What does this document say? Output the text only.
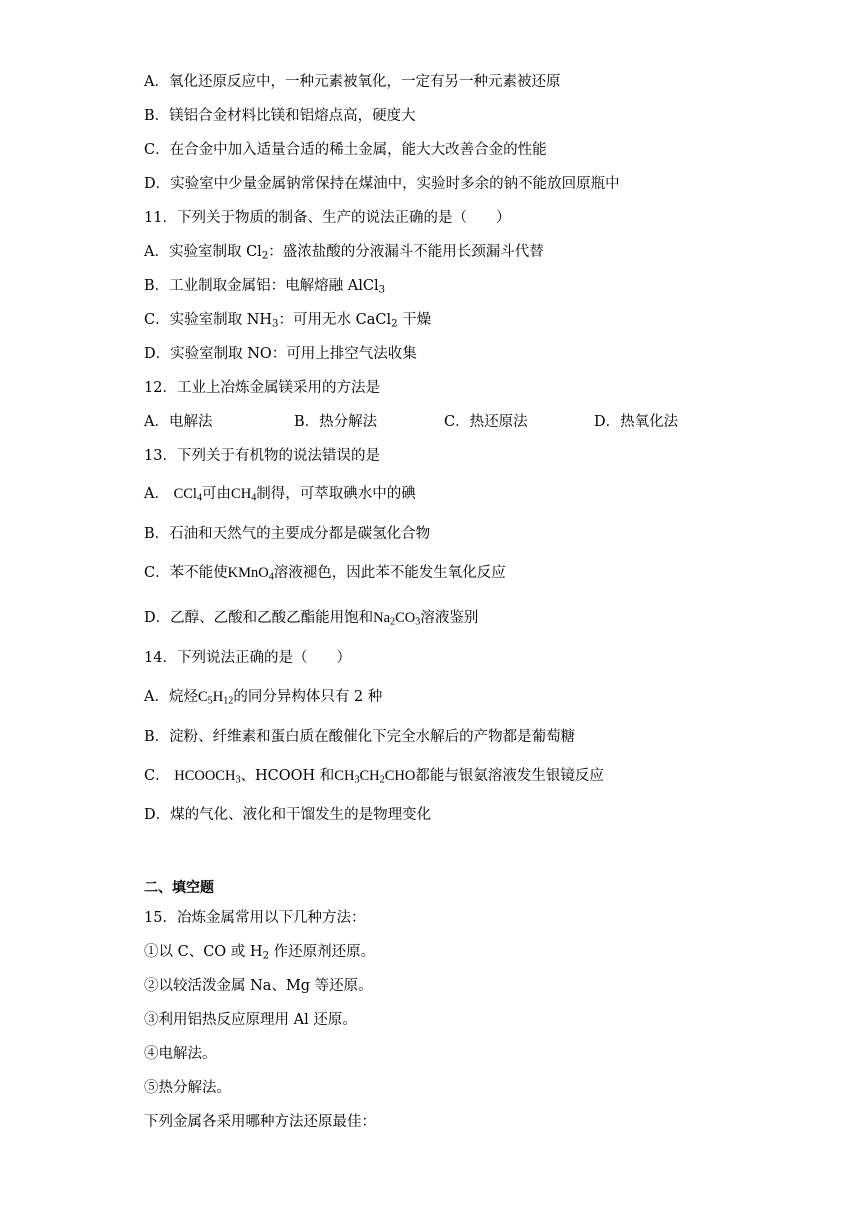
A．氧化还原反应中，一种元素被氧化，一定有另一种元素被还原
B．镁铝合金材料比镁和铝熔点高，硬度大
C．在合金中加入适量合适的稀土金属，能大大改善合金的性能
D．实验室中少量金属钠常保持在煤油中，实验时多余的钠不能放回原瓶中
11．下列关于物质的制备、生产的说法正确的是（　　）
A．实验室制取 $Cl_2$：盛浓盐酸的分液漏斗不能用长颈漏斗代替
B．工业制取金属铝：电解熔融 AlCl$_3$
C．实验室制取 $NH_3$：可用无水 CaCl$_2$ 干燥
D．实验室制取 NO：可用上排空气法收集
12．工业上冶炼金属镁采用的方法是
A．电解法	B．热分解法	C．热还原法	D．热氧化法
13．下列关于有机物的说法错误的是
A． CCl$_4$可由$CH_4$制得，可萃取碘水中的碘
B．石油和天然气的主要成分都是碳氢化合物
C．苯不能使KMnO$_4$溶液褪色，因此苯不能发生氧化反应
D．乙醇、乙酸和乙酸乙酯能用饱和$Na_2CO_3$溶液鉴别
14．下列说法正确的是（　　）
A．烷烃$C_5H_{12}$的同分异构体只有 2 种
B．淀粉、纤维素和蛋白质在酸催化下完全水解后的产物都是葡萄糖
C． $HCOOCH_3$、HCOOH 和$CH_3CH_2CHO$都能与银氨溶液发生银镜反应
D．煤的气化、液化和干馏发生的是物理变化
二、填空题
15．冶炼金属常用以下几种方法：
①以 C、CO 或 $H_2$ 作还原剂还原。
②以较活泼金属 Na、Mg 等还原。
③利用铝热反应原理用 Al 还原。
④电解法。
⑤热分解法。
下列金属各采用哪种方法还原最佳：
